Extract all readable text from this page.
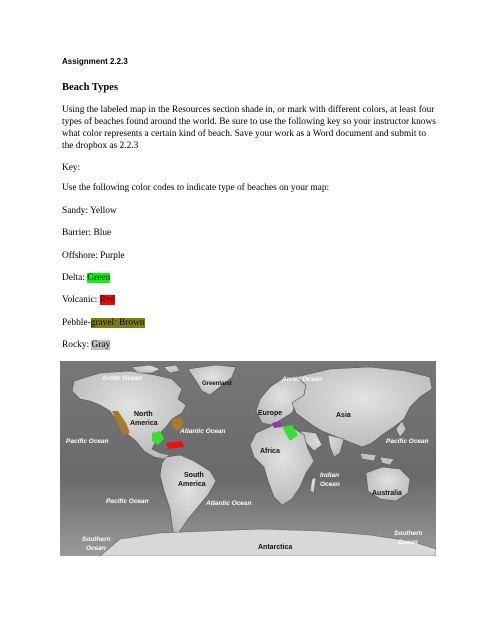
Assignment 2.2.3
Beach Types
Using the labeled map in the Resources section shade in, or mark with different colors, at least four types of beaches found around the world. Be sure to use the following key so your instructor knows what color represents a certain kind of beach. Save your work as a Word document and submit to the dropbox as 2.2.3
Key:
Use the following color codes to indicate type of beaches on your map:
Sandy: Yellow
Barrier: Blue
Offshore: Purple
Delta: Green
Volcanic: Red
Pebble-gravel: Brown
Rocky: Gray
Arctic Ocean	Arctic Ocean
Pacific Ocean	Pacific Ocean
Pacific Ocean
Atlantic Ocean
Atlantic Ocean
Indian
Ocean
Southern
Ocean
Southern
Ocean
Greenland
North
America
South
America
Europe	Asia
Africa
Australia
Antarctica
